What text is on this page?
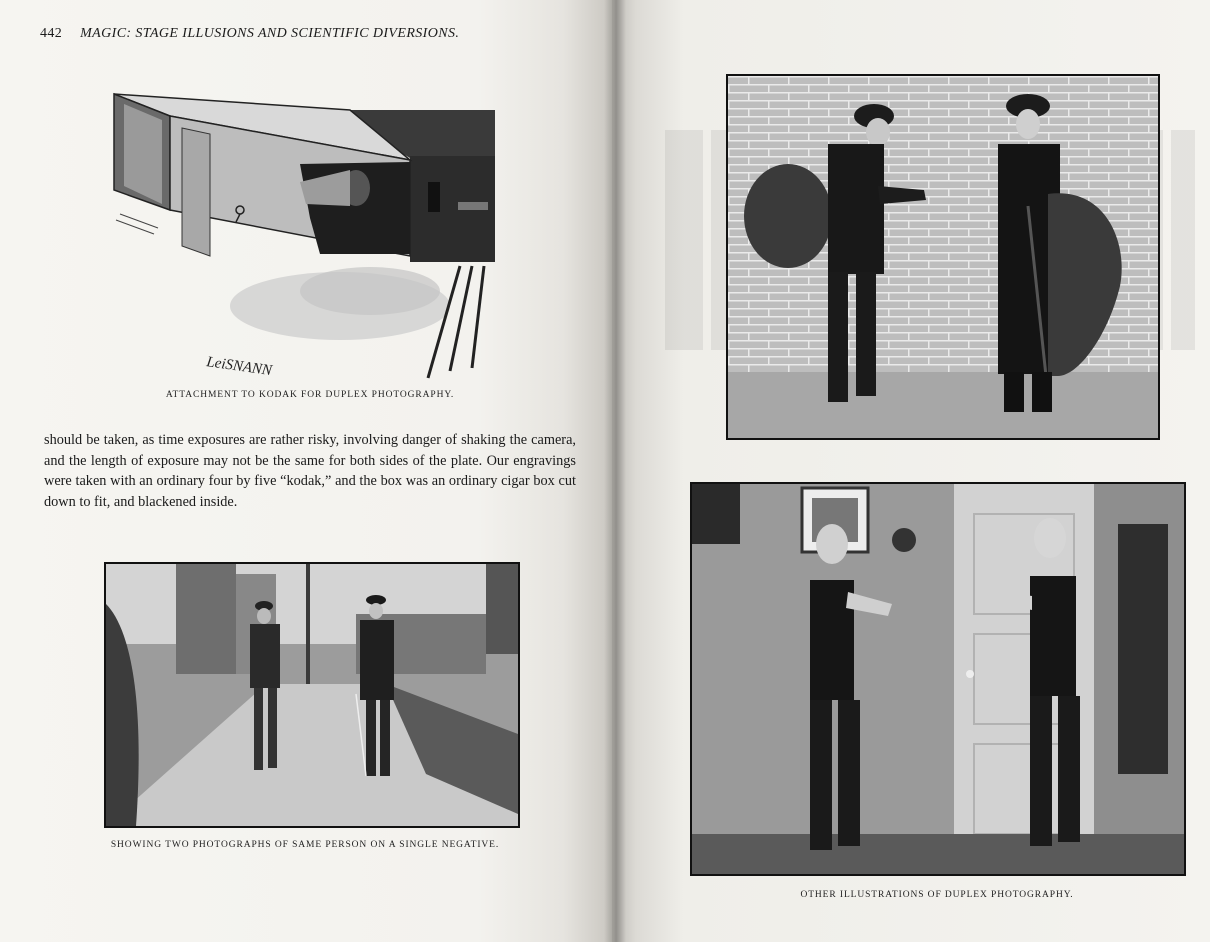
442 MAGIC: STAGE ILLUSIONS AND SCIENTIFIC DIVERSIONS.
LeiSNANN
ATTACHMENT TO KODAK FOR DUPLEX PHOTOGRAPHY.

should be taken, as time exposures are rather risky, involving danger of shaking the camera, and the length of exposure may not be the same for both sides of the plate. Our engravings were taken with an ordinary four by five “kodak,” and the box was an ordinary cigar box cut down to fit, and blackened inside.

SHOWING TWO PHOTOGRAPHS OF SAME PERSON ON A SINGLE NEGATIVE.
OTHER ILLUSTRATIONS OF DUPLEX PHOTOGRAPHY.
